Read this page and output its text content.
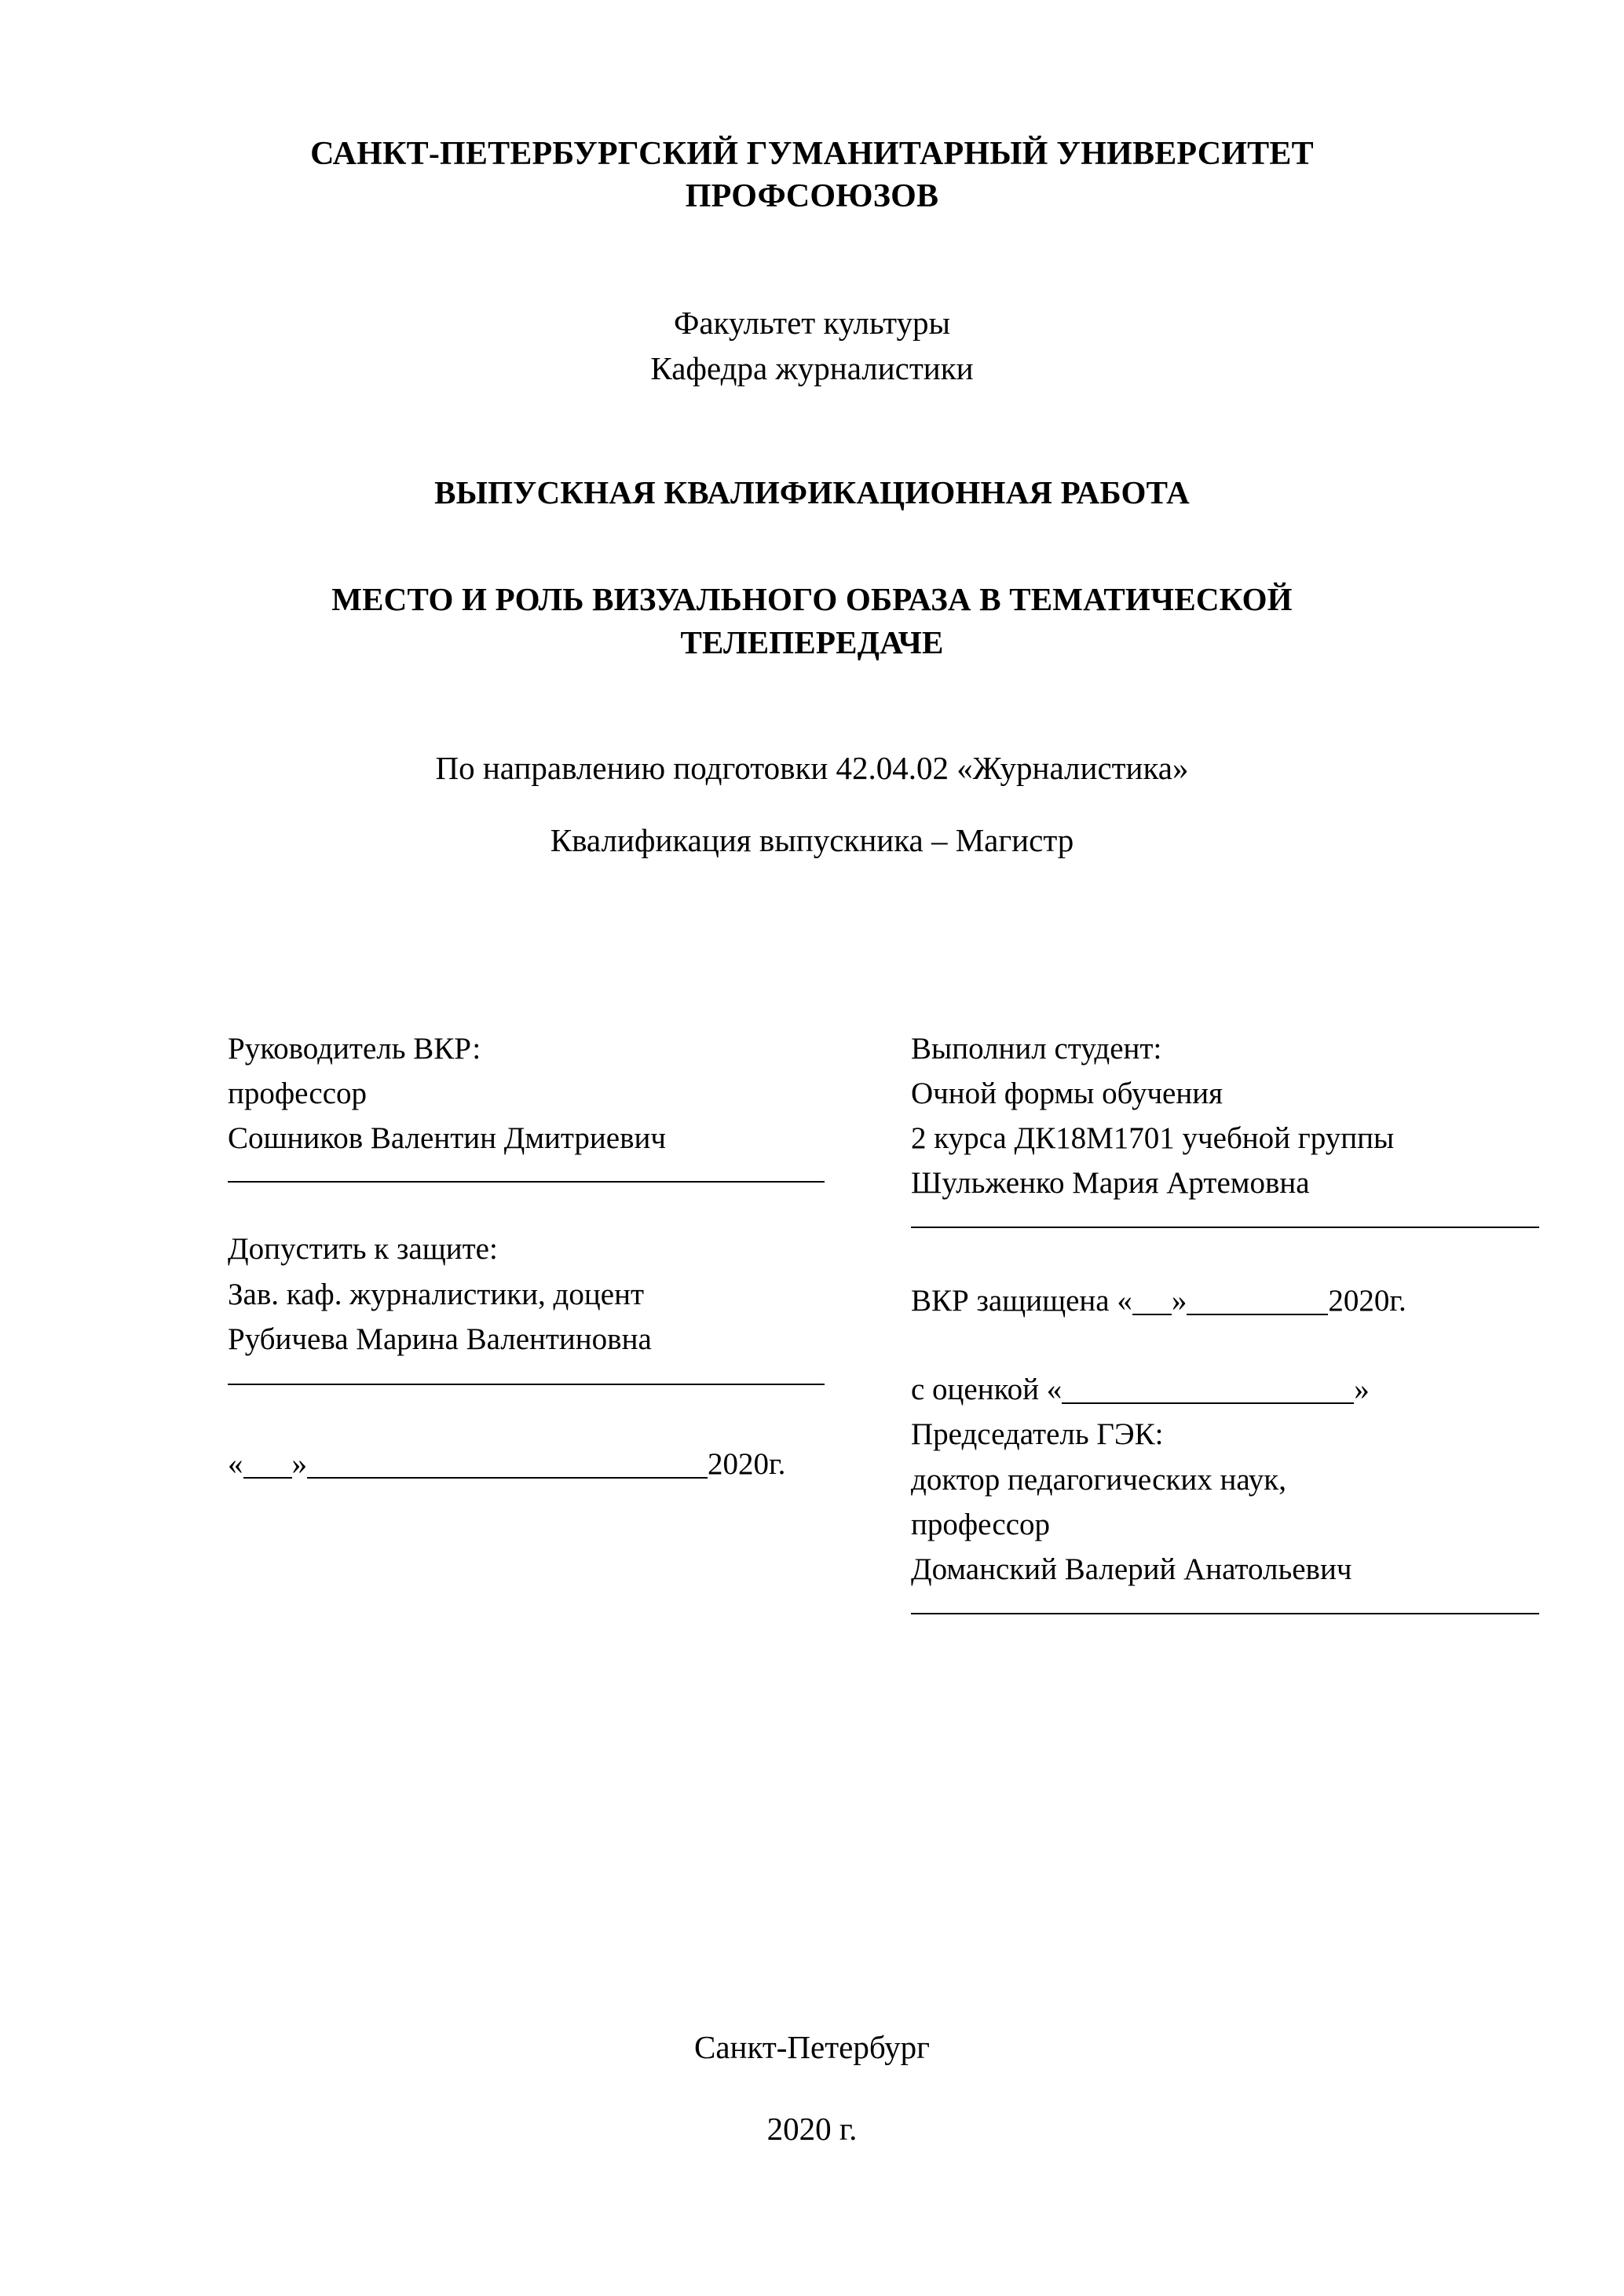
САНКТ-ПЕТЕРБУРГСКИЙ ГУМАНИТАРНЫЙ УНИВЕРСИТЕТ ПРОФСОЮЗОВ
Факультет культуры
Кафедра журналистики
ВЫПУСКНАЯ КВАЛИФИКАЦИОННАЯ РАБОТА
МЕСТО И РОЛЬ ВИЗУАЛЬНОГО ОБРАЗА В ТЕМАТИЧЕСКОЙ ТЕЛЕПЕРЕДАЧЕ
По направлению подготовки 42.04.02 «Журналистика»
Квалификация выпускника – Магистр
Руководитель ВКР:
профессор
Сошников Валентин Дмитриевич
Допустить к защите:
Зав. каф. журналистики, доцент
Рубичева Марина Валентиновна
« »	2020г.
Выполнил студент:
Очной формы обучения
2 курса ДК18М1701 учебной группы
Шульженко Мария Артемовна
ВКР защищена « »	2020г.
с оценкой «	»
Председатель ГЭК:
доктор педагогических наук,
профессор
Доманский Валерий Анатольевич
Санкт-Петербург
2020 г.
